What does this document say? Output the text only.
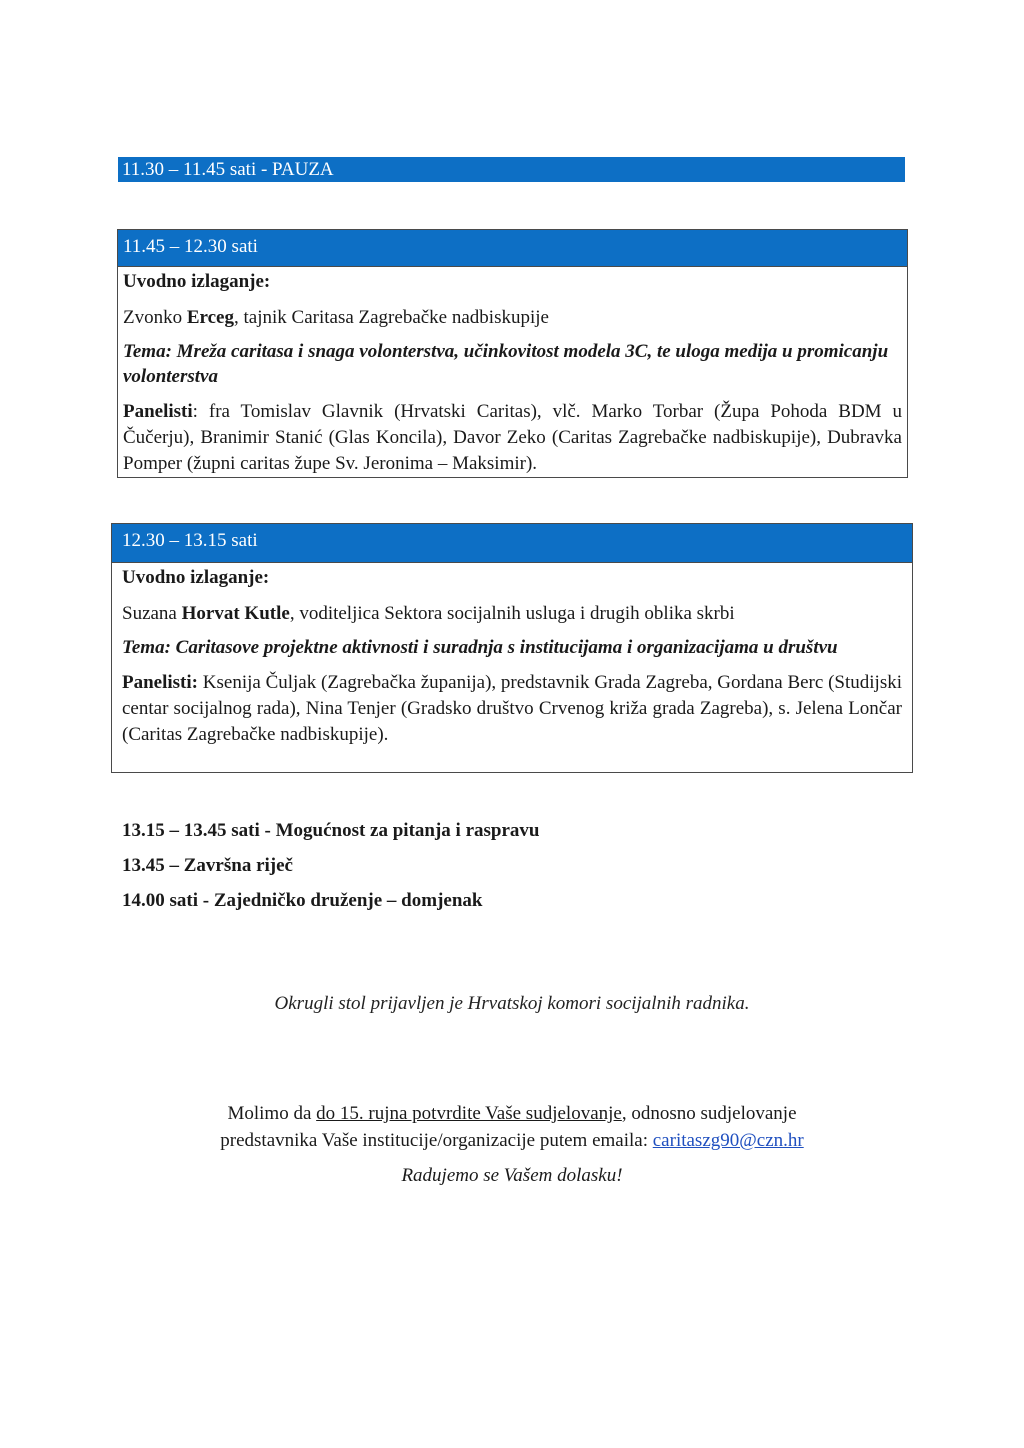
11.30 – 11.45 sati - PAUZA
11.45 – 12.30 sati

Uvodno izlaganje:

Zvonko Erceg, tajnik Caritasa Zagrebačke nadbiskupije

Tema: Mreža caritasa i snaga volonterstva, učinkovitost modela 3C, te uloga medija u promicanju volonterstva

Panelisti: fra Tomislav Glavnik (Hrvatski Caritas), vlč. Marko Torbar (Župa Pohoda BDM u Čučerju), Branimir Stanić (Glas Koncila), Davor Zeko (Caritas Zagrebačke nadbiskupije), Dubravka Pomper (župni caritas župe Sv. Jeronima – Maksimir).

12.30 – 13.15 sati

Uvodno izlaganje:

Suzana Horvat Kutle, voditeljica Sektora socijalnih usluga i drugih oblika skrbi

Tema: Caritasove projektne aktivnosti i suradnja s institucijama i organizacijama u društvu

Panelisti: Ksenija Čuljak (Zagrebačka županija), predstavnik Grada Zagreba, Gordana Berc (Studijski centar socijalnog rada), Nina Tenjer (Gradsko društvo Crvenog križa grada Zagreba), s. Jelena Lončar (Caritas Zagrebačke nadbiskupije).

13.15 – 13.45 sati - Mogućnost za pitanja i raspravu
13.45 – Završna riječ
14.00 sati - Zajedničko druženje – domjenak
Okrugli stol prijavljen je Hrvatskoj komori socijalnih radnika.
Molimo da do 15. rujna potvrdite Vaše sudjelovanje, odnosno sudjelovanje
predstavnika Vaše institucije/organizacije putem emaila: caritaszg90@czn.hr
Radujemo se Vašem dolasku!
